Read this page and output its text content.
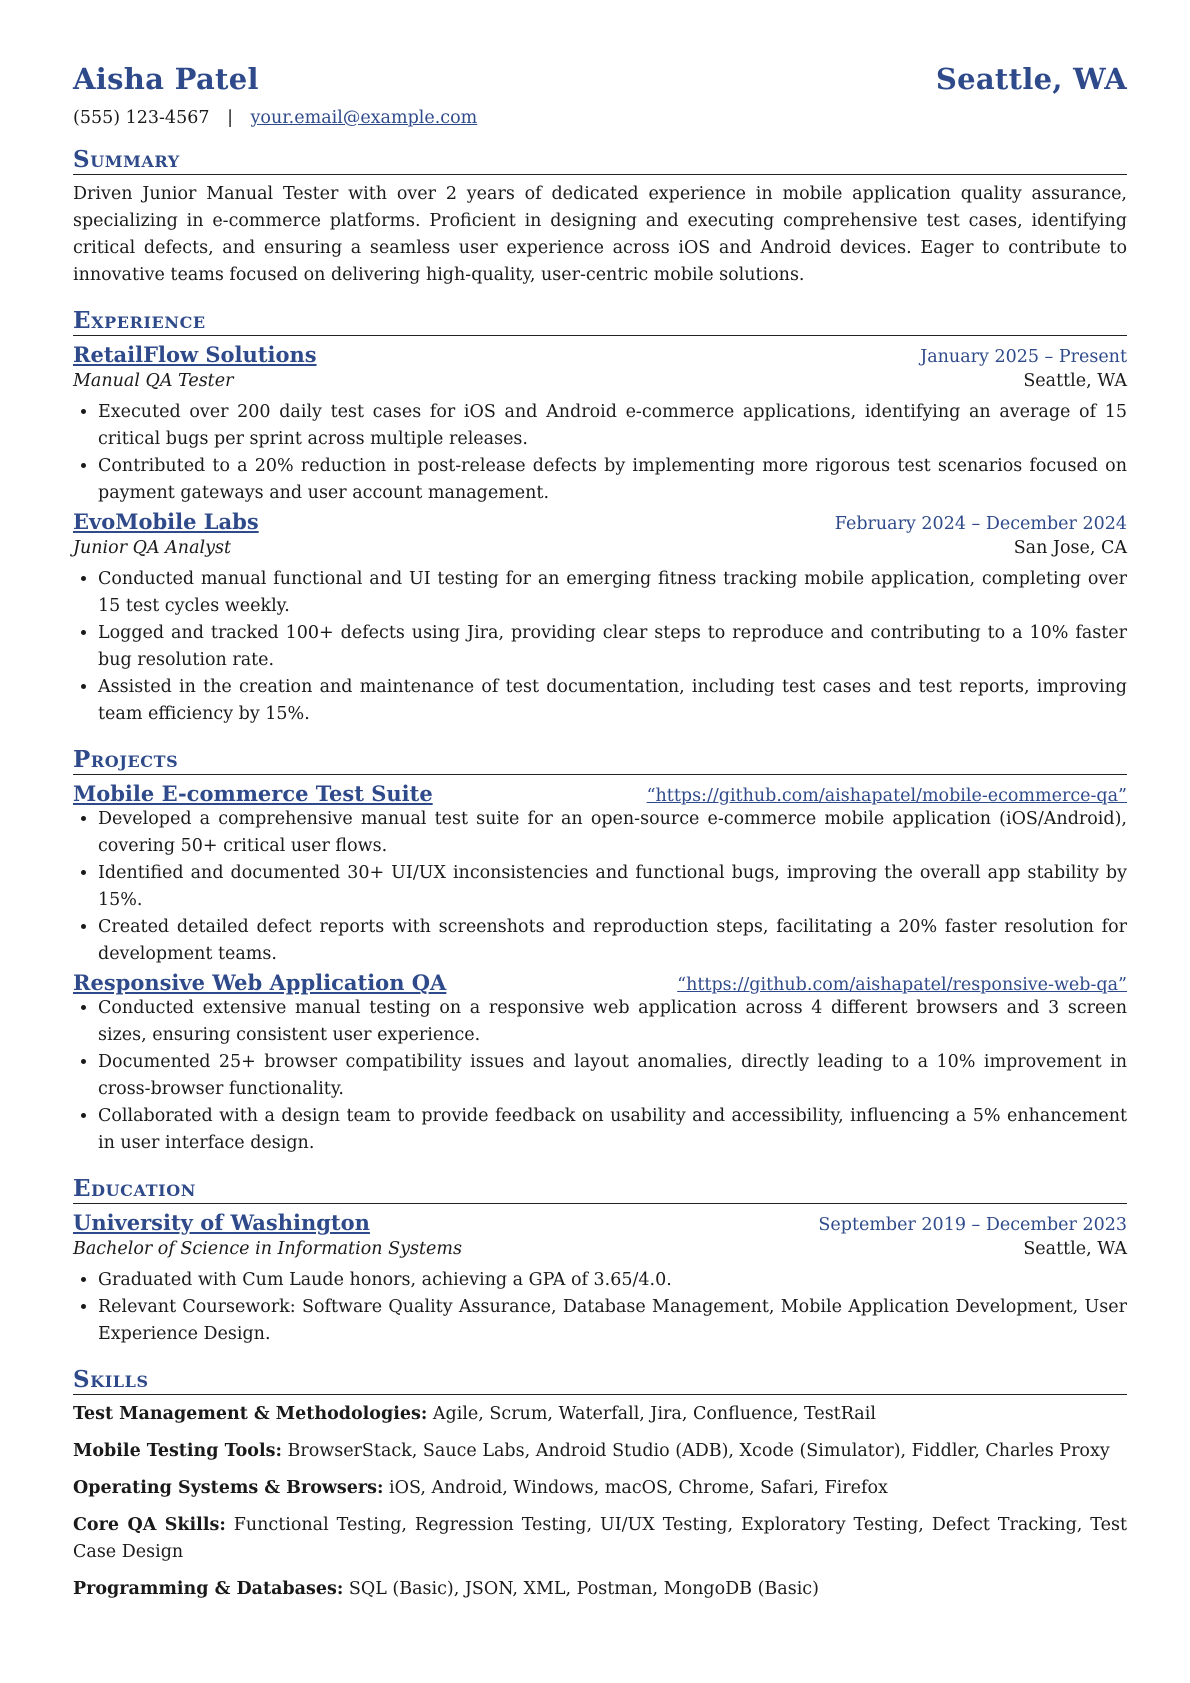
Aisha Patel	Seattle, WA
(555) 123-4567 | your.email@example.com
Summary

Driven Junior Manual Tester with over 2 years of dedicated experience in mobile application quality assurance, specializing in e-commerce platforms. Proficient in designing and executing comprehensive test cases, identifying critical defects, and ensuring a seamless user experience across iOS and Android devices. Eager to contribute to innovative teams focused on delivering high-quality, user-centric mobile solutions.

Experience
RetailFlow Solutions	January 2025 – Present
Manual QA Tester	Seattle, WA
• Executed over 200 daily test cases for iOS and Android e-commerce applications, identifying an average of 15 critical bugs per sprint across multiple releases.
• Contributed to a 20% reduction in post-release defects by implementing more rigorous test scenarios focused on payment gateways and user account management.
EvoMobile Labs	February 2024 – December 2024
Junior QA Analyst	San Jose, CA
• Conducted manual functional and UI testing for an emerging fitness tracking mobile application, completing over 15 test cycles weekly.
• Logged and tracked 100+ defects using Jira, providing clear steps to reproduce and contributing to a 10% faster bug resolution rate.
• Assisted in the creation and maintenance of test documentation, including test cases and test reports, improving team efficiency by 15%.
Projects
Mobile E-commerce Test Suite	“https://github.com/aishapatel/mobile-ecommerce-qa”
• Developed a comprehensive manual test suite for an open-source e-commerce mobile application (iOS/Android), covering 50+ critical user flows.
• Identified and documented 30+ UI/UX inconsistencies and functional bugs, improving the overall app stability by 15%.
• Created detailed defect reports with screenshots and reproduction steps, facilitating a 20% faster resolution for development teams.
Responsive Web Application QA	“https://github.com/aishapatel/responsive-web-qa”
• Conducted extensive manual testing on a responsive web application across 4 different browsers and 3 screen sizes, ensuring consistent user experience.
• Documented 25+ browser compatibility issues and layout anomalies, directly leading to a 10% improvement in cross-browser functionality.
• Collaborated with a design team to provide feedback on usability and accessibility, influencing a 5% enhancement in user interface design.
Education
University of Washington	September 2019 – December 2023
Bachelor of Science in Information Systems	Seattle, WA
• Graduated with Cum Laude honors, achieving a GPA of 3.65/4.0.
• Relevant Coursework: Software Quality Assurance, Database Management, Mobile Application Development, User Experience Design.
Skills
Test Management & Methodologies: Agile, Scrum, Waterfall, Jira, Confluence, TestRail
Mobile Testing Tools: BrowserStack, Sauce Labs, Android Studio (ADB), Xcode (Simulator), Fiddler, Charles Proxy
Operating Systems & Browsers: iOS, Android, Windows, macOS, Chrome, Safari, Firefox
Core QA Skills: Functional Testing, Regression Testing, UI/UX Testing, Exploratory Testing, Defect Tracking, Test Case Design
Programming & Databases: SQL (Basic), JSON, XML, Postman, MongoDB (Basic)
